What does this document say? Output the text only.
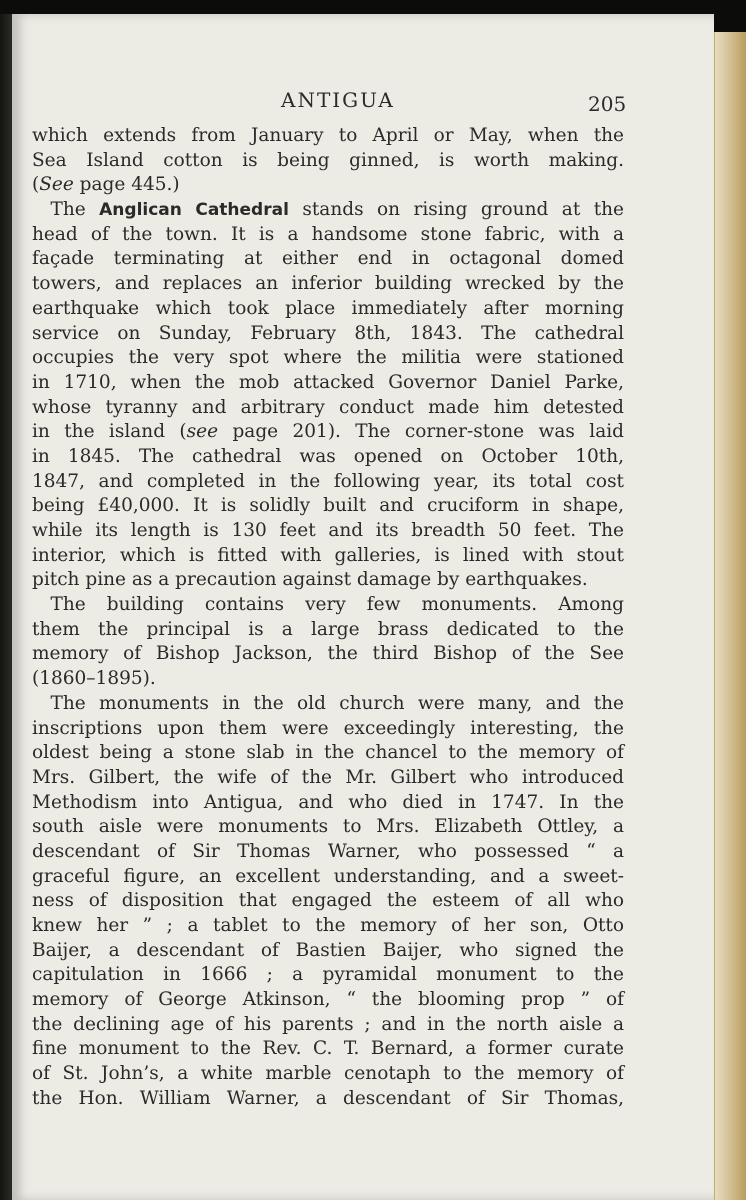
ANTIGUA	205
which extends from January to April or May, when the
Sea Island cotton is being ginned, is worth making.
(See page 445.)
 The Anglican Cathedral stands on rising ground at the
head of the town. It is a handsome stone fabric, with a
façade terminating at either end in octagonal domed
towers, and replaces an inferior building wrecked by the
earthquake which took place immediately after morning
service on Sunday, February 8th, 1843. The cathedral
occupies the very spot where the militia were stationed
in 1710, when the mob attacked Governor Daniel Parke,
whose tyranny and arbitrary conduct made him detested
in the island (see page 201). The corner-stone was laid
in 1845. The cathedral was opened on October 10th,
1847, and completed in the following year, its total cost
being £40,000. It is solidly built and cruciform in shape,
while its length is 130 feet and its breadth 50 feet. The
interior, which is fitted with galleries, is lined with stout
pitch pine as a precaution against damage by earthquakes.
 The building contains very few monuments. Among
them the principal is a large brass dedicated to the
memory of Bishop Jackson, the third Bishop of the See
(1860–1895).
 The monuments in the old church were many, and the
inscriptions upon them were exceedingly interesting, the
oldest being a stone slab in the chancel to the memory of
Mrs. Gilbert, the wife of the Mr. Gilbert who introduced
Methodism into Antigua, and who died in 1747. In the
south aisle were monuments to Mrs. Elizabeth Ottley, a
descendant of Sir Thomas Warner, who possessed “ a
graceful figure, an excellent understanding, and a sweet-
ness of disposition that engaged the esteem of all who
knew her ” ; a tablet to the memory of her son, Otto
Baijer, a descendant of Bastien Baijer, who signed the
capitulation in 1666 ; a pyramidal monument to the
memory of George Atkinson, “ the blooming prop ” of
the declining age of his parents ; and in the north aisle a
fine monument to the Rev. C. T. Bernard, a former curate
of St. John’s, a white marble cenotaph to the memory of
the Hon. William Warner, a descendant of Sir Thomas,
